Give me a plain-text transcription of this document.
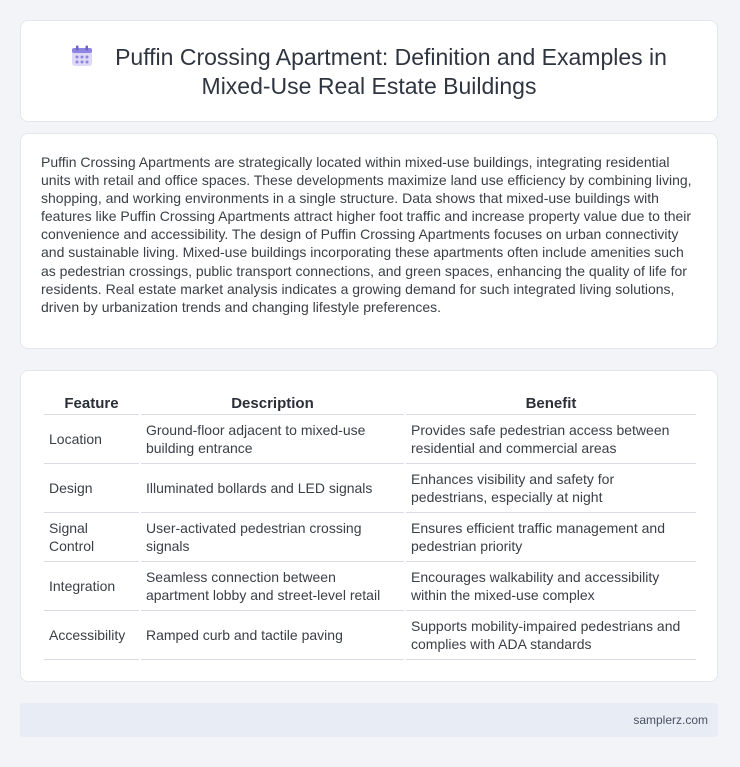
Puffin Crossing Apartment: Definition and Examples in
Mixed-Use Real Estate Buildings
Puffin Crossing Apartments are strategically located within mixed-use buildings, integrating residential units with retail and office spaces. These developments maximize land use efficiency by combining living, shopping, and working environments in a single structure. Data shows that mixed-use buildings with features like Puffin Crossing Apartments attract higher foot traffic and increase property value due to their convenience and accessibility. The design of Puffin Crossing Apartments focuses on urban connectivity and sustainable living. Mixed-use buildings incorporating these apartments often include amenities such as pedestrian crossings, public transport connections, and green spaces, enhancing the quality of life for residents. Real estate market analysis indicates a growing demand for such integrated living solutions, driven by urbanization trends and changing lifestyle preferences.
Feature	Description	Benefit
Location	Ground-floor adjacent to mixed-use building entrance	Provides safe pedestrian access between residential and commercial areas
Design	Illuminated bollards and LED signals	Enhances visibility and safety for pedestrians, especially at night
Signal Control	User-activated pedestrian crossing signals	Ensures efficient traffic management and pedestrian priority
Integration	Seamless connection between apartment lobby and street-level retail	Encourages walkability and accessibility within the mixed-use complex
Accessibility	Ramped curb and tactile paving	Supports mobility-impaired pedestrians and complies with ADA standards
samplerz.com
